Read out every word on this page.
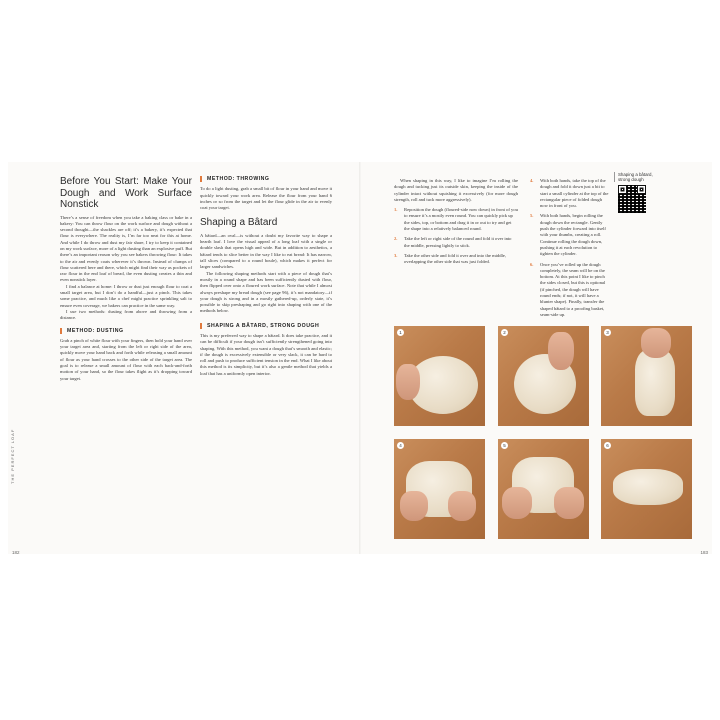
Before You Start: Make Your Dough and Work Surface Nonstick

There’s a sense of freedom when you take a baking class or bake in a bakery: You can throw flour on the work surface and dough without a second thought—the shackles are off; it’s a bakery, it’s expected that flour is everywhere. The reality is, I’m far too neat for this at home. And while I do throw and dust my fair share, I try to keep it contained on my work surface, more of a light dusting than an explosive puff. But there’s an important reason why you see bakers throwing flour: It takes to the air and evenly coats wherever it’s thrown. Instead of clumps of flour scattered here and there, which might find their way as pockets of raw flour in the end loaf of bread, the even dusting creates a thin and even nonstick layer.

I find a balance at home: I throw or dust just enough flour to coat a small target area, but I don’t do a handful—just a pinch. This takes some practice, and much like a chef might practice sprinkling salt to ensure even coverage, we bakers can practice in the same way.

I use two methods: dusting from above and throwing from a distance.

METHOD: DUSTING

Grab a pinch of white flour with your fingers, then hold your hand over your target area and, starting from the left or right side of the area, quickly move your hand back and forth while releasing a small amount of flour as your hand crosses to the other side of the target area. The goal is to release a small amount of flour with each back-and-forth motion of your hand, so the flour takes flight as it’s dropping toward your target.

METHOD: THROWING

To do a light dusting, grab a small bit of flour in your hand and move it quickly toward your work area. Release the flour from your hand 6 inches or so from the target and let the flour glide in the air to evenly coat your target.

Shaping a Bâtard

A bâtard—an oval—is without a doubt my favorite way to shape a hearth loaf. I love the visual appeal of a long loaf with a single or double slash that opens high and wide. But in addition to aesthetics, a bâtard tends to slice better in the way I like to eat bread: It has narrow, tall slices (compared to a round boule), which makes it perfect for larger sandwiches.

The following shaping methods start with a piece of dough that’s mostly in a round shape and has been sufficiently dusted with flour, then flipped over onto a floured work surface. Note that while I almost always preshape my bread dough (see page 96), it’s not mandatory—if your dough is strong and in a mostly gathered-up, orderly state, it’s possible to skip preshaping and go right into shaping with one of the methods below.

SHAPING A BÂTARD, STRONG DOUGH

This is my preferred way to shape a bâtard. It does take practice, and it can be difficult if your dough isn’t sufficiently strengthened going into shaping. With this method, you want a dough that’s smooth and elastic; if the dough is excessively extensible or very slack, it can be hard to roll and push to produce sufficient tension in the end. What I like about this method is its simplicity, but it’s also a gentle method that yields a loaf that has a uniformly open interior.

THE PERFECT LOAF
182

When shaping in this way, I like to imagine I’m rolling the dough and tucking just its outside skin, keeping the inside of the cylinder intact without squishing it excessively (for more dough strength, roll and tuck more aggressively).

1. Reposition the dough (floured-side now down) in front of you to ensure it’s a mostly even round. You can quickly pick up the sides, top, or bottom and drag it in or out to try and get the shape into a relatively balanced round.
2. Take the left or right side of the round and fold it over into the middle, pressing lightly to stick.
3. Take the other side and fold it over and into the middle, overlapping the other side that was just folded.
4. With both hands, take the top of the dough and fold it down just a bit to start a small cylinder at the top of the rectangular piece of folded dough now in front of you.
5. With both hands, begin rolling the dough down the rectangle. Gently push the cylinder forward into itself with your thumbs, creating a roll. Continue rolling the dough down, pushing it at each revolution to tighten the cylinder.
6. Once you’ve rolled up the dough completely, the seam will be on the bottom. At this point I like to pinch the sides closed, but this is optional (if pinched, the dough will have round ends; if not, it will have a blunter shape). Finally, transfer the shaped bâtard to a proofing basket, seam-side up.
Shaping a bâtard, strong dough
1	2	3
4	5	6
183
